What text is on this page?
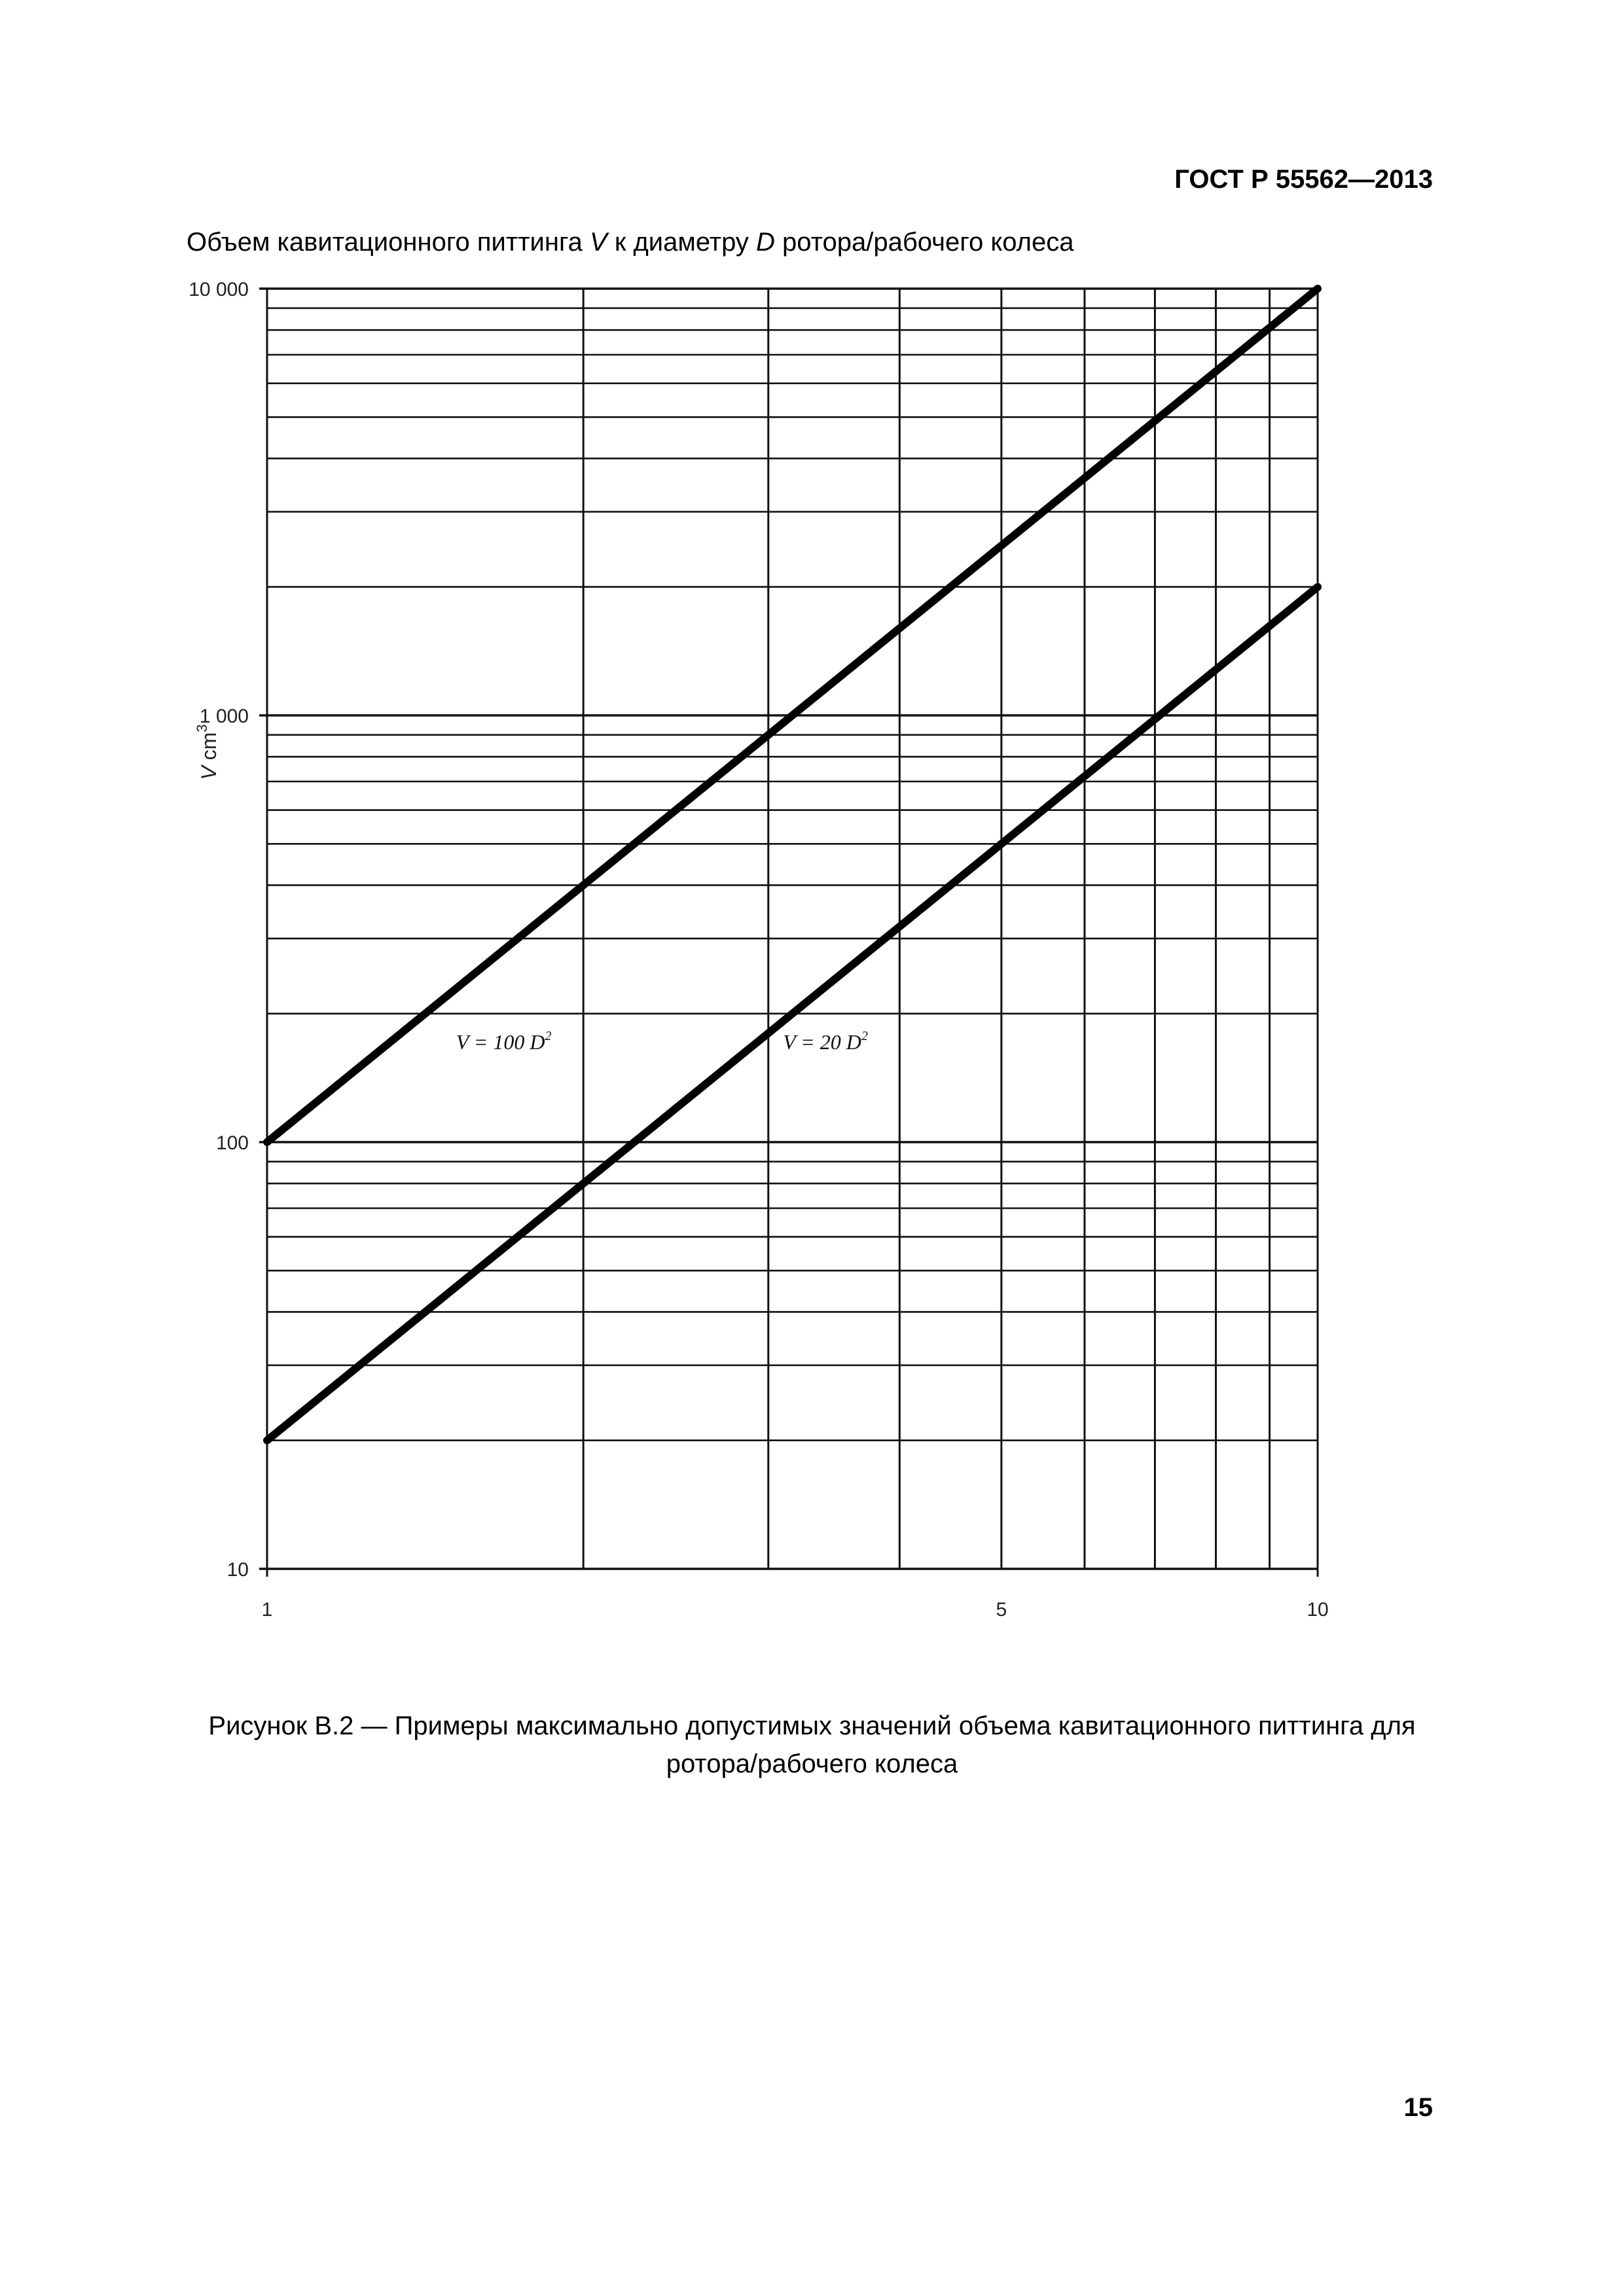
ГОСТ Р 55562—2013
Объем кавитационного питтинга V к диаметру D ротора/рабочего колеса
1	5	10
10
100
1 000
10 000
V $cm^3$
V = 100 $D^2$	V = 20 $D^2$
Рисунок В.2 — Примеры максимально допустимых значений объема кавитационного питтинга для
ротора/рабочего колеса
15
